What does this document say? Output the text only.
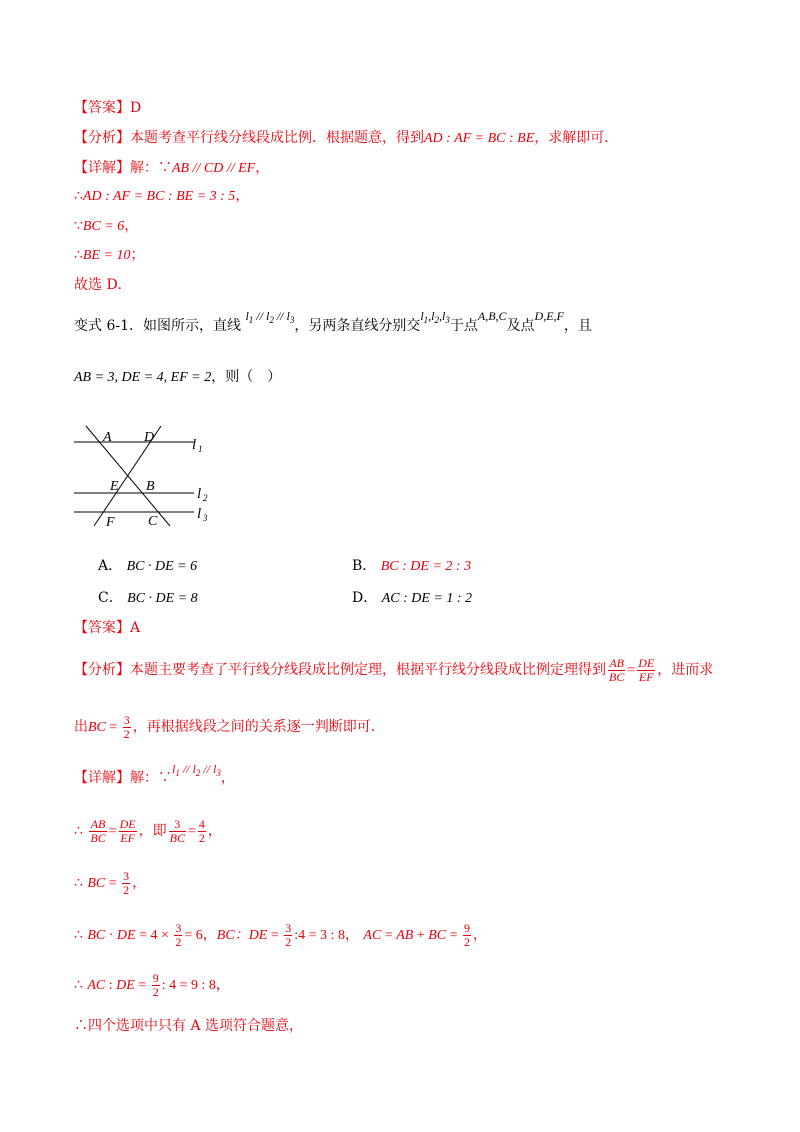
【答案】D
【分析】本题考查平行线分线段成比例．根据题意，得到AD : AF = BC : BE，求解即可．
【详解】解：∵AB // CD // EF，
∴AD : AF = BC : BE = 3 : 5，
∵BC = 6，
∴BE = 10；
故选 D．
变式 6-1．如图所示，直线 $l_1 // l_2 // l_3$，另两条直线分别交$l_1,l_2,l_3$于点A,B,C及点D,E,F，且
AB = 3, DE = 4, EF = 2，则（　）
A D
E B
F C
l 1
l 2
l 3
A． BC · DE = 6	B． BC : DE = 2 : 3
C． BC · DE = 8	D． AC : DE = 1 : 2
【答案】A
【分析】本题主要考查了平行线分线段成比例定理，根据平行线分线段成比例定理得到 $\frac{AB}{BC} = \frac{DE}{EF}$ ，进而求
出BC = $\frac{3}{2}$ ，再根据线段之间的关系逐一判断即可．
【详解】解：$\because l_1 // l_2 // l_3$，
∴ $\frac{AB}{BC} = \frac{DE}{EF}$ ，即 $\frac{3}{BC} = \frac{4}{2}$ ，
∴ BC = $\frac{3}{2}$ ，
∴ BC · DE = $4 \times \frac{3}{2} = 6$，BC：DE = $\frac{3}{2}$ :4 = 3 : 8， AC = AB + BC = $\frac{9}{2}$ ，
∴ AC : DE = $\frac{9}{2}$ : 4 = 9 : 8，
∴四个选项中只有 A 选项符合题意，
